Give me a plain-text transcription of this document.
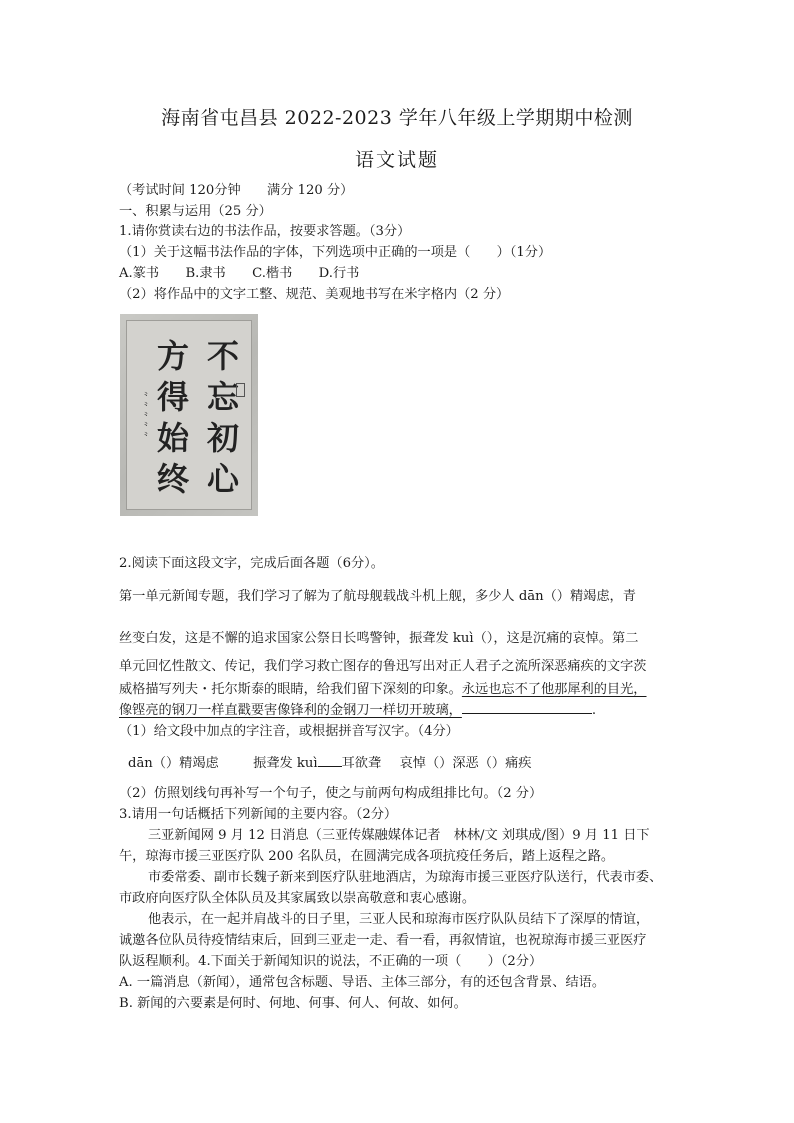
海南省屯昌县 2022-2023 学年八年级上学期期中检测
语文试题
（考试时间 120分钟　　满分 120 分）
一、积累与运用（25 分）
1.请你赏读右边的书法作品，按要求答题。（3分）
（1）关于这幅书法作品的字体，下列选项中正确的一项是（　　）（1分）
A.篆书　　B.隶书　　C.楷书　　D.行书
（2）将作品中的文字工整、规范、美观地书写在米字格内（2 分）
不忘初心
方得始终
⺀⺀⺀⺀⺀
2.阅读下面这段文字，完成后面各题（6分）。
第一单元新闻专题，我们学习了解为了航母舰载战斗机上舰，多少人 dān（）精竭虑，青
丝变白发，这是不懈的追求国家公祭日长鸣警钟，振聋发 kuì（），这是沉痛的哀悼。第二
单元回忆性散文、传记，我们学习救亡图存的鲁迅写出对正人君子之流所深恶痛疾的文字茨
威格描写列夫・托尔斯泰的眼睛，给我们留下深刻的印象。永远也忘不了他那犀利的目光，
像铿亮的钢刀一样直戳要害像锋利的金钢刀一样切开玻璃，	.
（1）给文段中加点的字注音，或根据拼音写汉字。（4分）
dān（）精竭虑	振聋发 kuì 耳欲聋 哀悼（）深恶（）痛疾
（2）仿照划线句再补写一个句子，使之与前两句构成组排比句。（2 分）
3.请用一句话概括下列新闻的主要内容。（2分）
三亚新闻网 9 月 12 日消息（三亚传媒融媒体记者　林林/文 刘琪成/图）9 月 11 日下
午，琼海市援三亚医疗队 200 名队员，在圆满完成各项抗疫任务后，踏上返程之路。
市委常委、副市长魏子新来到医疗队驻地酒店，为琼海市援三亚医疗队送行，代表市委、
市政府向医疗队全体队员及其家属致以崇高敬意和衷心感谢。
他表示，在一起并肩战斗的日子里，三亚人民和琼海市医疗队队员结下了深厚的情谊，
诚邀各位队员待疫情结束后，回到三亚走一走、看一看，再叙情谊，也祝琼海市援三亚医疗
队返程顺利。4.下面关于新闻知识的说法，不正确的一项（　　）（2分）
A. 一篇消息（新闻），通常包含标题、导语、主体三部分，有的还包含背景、结语。
B. 新闻的六要素是何时、何地、何事、何人、何故、如何。
